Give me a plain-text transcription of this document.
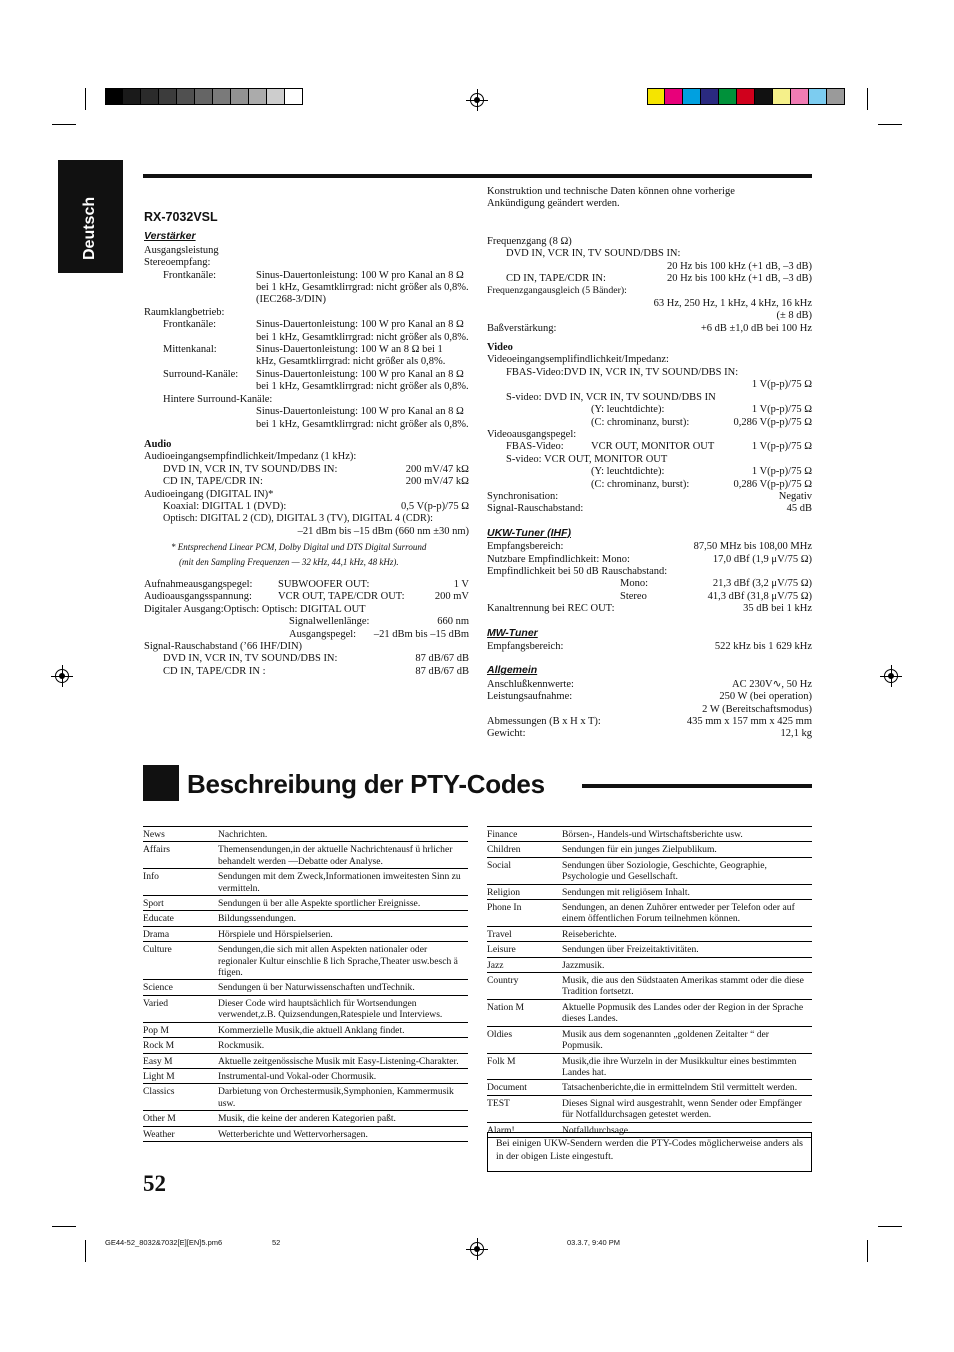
Deutsch	RX-7032VSL
Verstärker
Ausgangsleistung
Stereoempfang:
Frontkanäle:	Sinus-Dauertonleistung: 100 W pro Kanal an 8 Ω bei 1 kHz, Gesamtklirrgrad: nicht größer als 0,8%. (IEC268-3/DIN)
Raumklangbetrieb:
Frontkanäle:	Sinus-Dauertonleistung: 100 W pro Kanal an 8 Ω bei 1 kHz, Gesamtklirrgrad: nicht größer als 0,8%.
Mittenkanal:	Sinus-Dauertonleistung: 100 W an 8 Ω bei 1 kHz, Gesamtklirrgrad: nicht größer als 0,8%.
Surround-Kanäle:	Sinus-Dauertonleistung: 100 W pro Kanal an 8 Ω bei 1 kHz, Gesamtklirrgrad: nicht größer als 0,8%.
Hintere Surround-Kanäle:
Sinus-Dauertonleistung: 100 W pro Kanal an 8 Ω bei 1 kHz, Gesamtklirrgrad: nicht größer als 0,8%.
Audio
Audioeingangsempfindlichkeit/Impedanz (1 kHz):
DVD IN, VCR IN, TV SOUND/DBS IN:	200 mV/47 kΩ
CD IN, TAPE/CDR IN:	200 mV/47 kΩ
Audioeingang (DIGITAL IN)*
Koaxial: DIGITAL 1 (DVD):	0,5 V(p-p)/75 Ω
Optisch: DIGITAL 2 (CD), DIGITAL 3 (TV), DIGITAL 4 (CDR):
–21 dBm bis –15 dBm (660 nm ±30 nm)
* Entsprechend Linear PCM, Dolby Digital und DTS Digital Surround
(mit den Sampling Frequenzen — 32 kHz, 44,1 kHz, 48 kHz).
Aufnahmeausgangspegel:	SUBWOOFER OUT:	1 V
Audioausgangsspannung:	VCR OUT, TAPE/CDR OUT:	200 mV
Digitaler Ausgang:Optisch: Optisch: DIGITAL OUT
Signalwellenlänge:	660 nm
Ausgangspegel: –21 dBm bis –15 dBm
Signal-Rauschabstand (’66 IHF/DIN)
DVD IN, VCR IN, TV SOUND/DBS IN:	87 dB/67 dB
CD IN, TAPE/CDR IN :	87 dB/67 dB
Konstruktion und technische Daten können ohne vorherige Ankündigung geändert werden.
Frequenzgang (8 Ω)
DVD IN, VCR IN, TV SOUND/DBS IN:
20 Hz bis 100 kHz (+1 dB, –3 dB)
CD IN, TAPE/CDR IN:	20 Hz bis 100 kHz (+1 dB, –3 dB)
Frequenzgangausgleich (5 Bänder):
63 Hz, 250 Hz, 1 kHz, 4 kHz, 16 kHz
(± 8 dB)
Baßverstärkung:	+6 dB ±1,0 dB bei 100 Hz
Video
Videoeingangsemplifindlichkeit/Impedanz:
FBAS-Video:DVD IN, VCR IN, TV SOUND/DBS IN:
1 V(p-p)/75 Ω
S-video: DVD IN, VCR IN, TV SOUND/DBS IN
(Y: leuchtdichte):	1 V(p-p)/75 Ω
(C: chrominanz, burst):	0,286 V(p-p)/75 Ω
Videoausgangspegel:
FBAS-Video:	VCR OUT, MONITOR OUT	1 V(p-p)/75 Ω
S-video: VCR OUT, MONITOR OUT
(Y: leuchtdichte):	1 V(p-p)/75 Ω
(C: chrominanz, burst):	0,286 V(p-p)/75 Ω
Synchronisation:	Negativ
Signal-Rauschabstand:	45 dB
UKW-Tuner (IHF)
Empfangsbereich:	87,50 MHz bis 108,00 MHz
Nutzbare Empfindlichkeit: Mono:	17,0 dBf (1,9 μV/75 Ω)
Empfindlichkeit bei 50 dB Rauschabstand:
Mono:	21,3 dBf (3,2 μV/75 Ω)
Stereo	41,3 dBf (31,8 μV/75 Ω)
Kanaltrennung bei REC OUT:	35 dB bei 1 kHz
MW-Tuner
Empfangsbereich:	522 kHz bis 1 629 kHz
Allgemein
Anschlußkennwerte:	AC 230V∿, 50 Hz
Leistungsaufnahme:	250 W (bei operation)
2 W (Bereitschaftsmodus)
Abmessungen (B x H x T):	435 mm x 157 mm x 425 mm
Gewicht:	12,1 kg
Beschreibung der PTY-Codes
News	Nachrichten.
Affairs	Themensendungen,in der aktuelle Nachrichtenausf ü hrlicher behandelt werden —Debatte oder Analyse.
Info	Sendungen mit dem Zweck,Informationen imweitesten Sinn zu vermitteln.
Sport	Sendungen ü ber alle Aspekte sportlicher Ereignisse.
Educate	Bildungssendungen.
Drama	Hörspiele und Hörspielserien.
Culture	Sendungen,die sich mit allen Aspekten nationaler oder regionaler Kultur einschlie ß lich Sprache,Theater usw.besch ä ftigen.
Science	Sendungen ü ber Naturwissenschaften undTechnik.
Varied	Dieser Code wird hauptsächlich für Wortsendungen verwendet,z.B. Quizsendungen,Ratespiele und Interviews.
Pop M	Kommerzielle Musik,die aktuell Anklang findet.
Rock M	Rockmusik.
Easy M	Aktuelle zeitgenössische Musik mit Easy-Listening-Charakter.
Light M	Instrumental-und Vokal-oder Chormusik.
Classics	Darbietung von Orchestermusik,Symphonien, Kammermusik usw.
Other M	Musik, die keine der anderen Kategorien paßt.
Weather	Wetterberichte und Wettervorhersagen.
Finance	Börsen-, Handels-und Wirtschaftsberichte usw.
Children	Sendungen für ein junges Zielpublikum.
Social	Sendungen über Soziologie, Geschichte, Geographie, Psychologie und Gesellschaft.
Religion	Sendungen mit religiösem Inhalt.
Phone In	Sendungen, an denen Zuhörer entweder per Telefon oder auf einem öffentlichen Forum teilnehmen können.
Travel	Reiseberichte.
Leisure	Sendungen über Freizeitaktivitäten.
Jazz	Jazzmusik.
Country	Musik, die aus den Südstaaten Amerikas stammt oder die diese Tradition fortsetzt.
Nation M	Aktuelle Popmusik des Landes oder der Region in der Sprache dieses Landes.
Oldies	Musik aus dem sogenannten „goldenen Zeitalter “ der Popmusik.
Folk M	Musik,die ihre Wurzeln in der Musikkultur eines bestimmten Landes hat.
Document	Tatsachenberichte,die in ermittelndem Stil vermittelt werden.
TEST	Dieses Signal wird ausgestrahlt, wenn Sender oder Empfänger für Notfalldurchsagen getestet werden.
Alarm!	Notfalldurchsage.
Bei einigen UKW-Sendern werden die PTY-Codes möglicherweise anders als in der obigen Liste eingestuft.
52
GE44-52_8032&7032[E][EN]5.pm6	52	03.3.7, 9:40 PM
